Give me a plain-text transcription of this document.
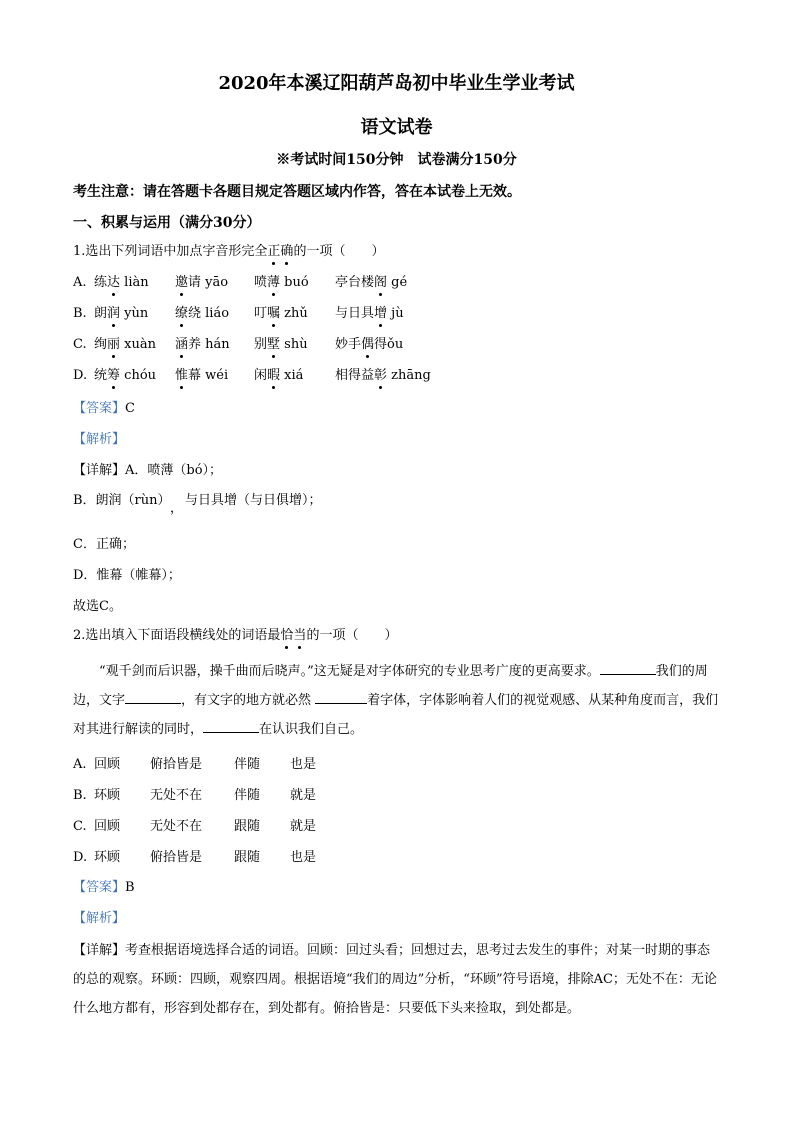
2020年本溪辽阳葫芦岛初中毕业生学业考试
语文试卷
※考试时间150分钟　试卷满分150分
考生注意：请在答题卡各题目规定答题区域内作答，答在本试卷上无效。
一、积累与运用（满分30分）
1.选出下列词语中加点字音形完全正确的一项（　　）
A. 练达 liàn 邀请 yāo 喷薄 buó 亭台楼阁 gé
B. 朗润 yùn 缭绕 liáo 叮嘱 zhǔ 与日具增 jù
C. 绚丽 xuàn 涵养 hán 别墅 shù 妙手偶得ǒu
D. 统筹 chóu 惟幕 wéi 闲暇 xiá 相得益彰 zhāng
【答案】C
【解析】
【详解】A．喷薄（bó）；
B．朗润（rùn），与日具增（与日俱增）；
C．正确；
D．惟幕（帷幕）；
故选C。
2.选出填入下面语段横线处的词语最恰当的一项（　　）
“观千剑而后识器，操千曲而后晓声。”这无疑是对字体研究的专业思考广度的更高要求。	我们的周边，文字	，有文字的地方就必然	着字体，字体影响着人们的视觉观感、从某种角度而言，我们对其进行解读的同时，	在认识我们自己。
A. 回顾 俯拾皆是 伴随 也是
B. 环顾 无处不在 伴随 就是
C. 回顾 无处不在 跟随 就是
D. 环顾 俯拾皆是 跟随 也是
【答案】B
【解析】
【详解】考查根据语境选择合适的词语。回顾：回过头看；回想过去，思考过去发生的事件；对某一时期的事态的总的观察。环顾：四顾，观察四周。根据语境“我们的周边”分析，“环顾”符号语境，排除AC；无处不在：无论什么地方都有，形容到处都存在，到处都有。俯拾皆是：只要低下头来捡取，到处都是。
